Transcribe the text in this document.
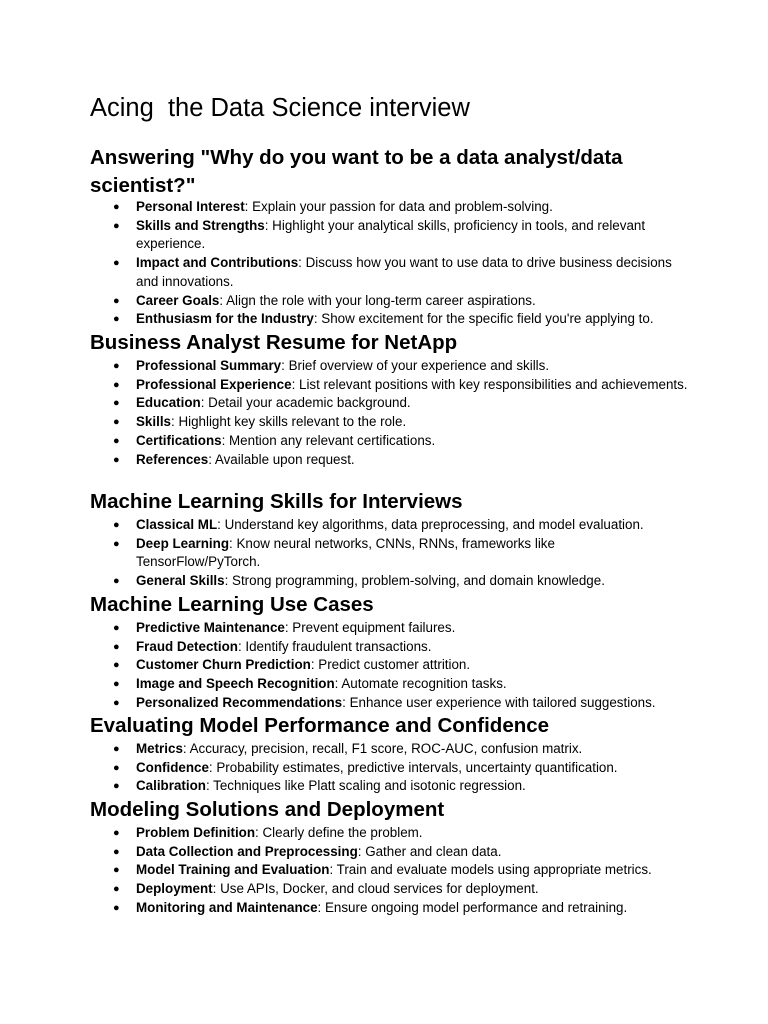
Acing  the Data Science interview
Answering "Why do you want to be a data analyst/data scientist?"
● Personal Interest: Explain your passion for data and problem-solving.
● Skills and Strengths: Highlight your analytical skills, proficiency in tools, and relevant experience.
● Impact and Contributions: Discuss how you want to use data to drive business decisions and innovations.
● Career Goals: Align the role with your long-term career aspirations.
● Enthusiasm for the Industry: Show excitement for the specific field you're applying to.
Business Analyst Resume for NetApp
● Professional Summary: Brief overview of your experience and skills.
● Professional Experience: List relevant positions with key responsibilities and achievements.
● Education: Detail your academic background.
● Skills: Highlight key skills relevant to the role.
● Certifications: Mention any relevant certifications.
● References: Available upon request.
Machine Learning Skills for Interviews
● Classical ML: Understand key algorithms, data preprocessing, and model evaluation.
● Deep Learning: Know neural networks, CNNs, RNNs, frameworks like TensorFlow/PyTorch.
● General Skills: Strong programming, problem-solving, and domain knowledge.
Machine Learning Use Cases
● Predictive Maintenance: Prevent equipment failures.
● Fraud Detection: Identify fraudulent transactions.
● Customer Churn Prediction: Predict customer attrition.
● Image and Speech Recognition: Automate recognition tasks.
● Personalized Recommendations: Enhance user experience with tailored suggestions.
Evaluating Model Performance and Confidence
● Metrics: Accuracy, precision, recall, F1 score, ROC-AUC, confusion matrix.
● Confidence: Probability estimates, predictive intervals, uncertainty quantification.
● Calibration: Techniques like Platt scaling and isotonic regression.
Modeling Solutions and Deployment
● Problem Definition: Clearly define the problem.
● Data Collection and Preprocessing: Gather and clean data.
● Model Training and Evaluation: Train and evaluate models using appropriate metrics.
● Deployment: Use APIs, Docker, and cloud services for deployment.
● Monitoring and Maintenance: Ensure ongoing model performance and retraining.
